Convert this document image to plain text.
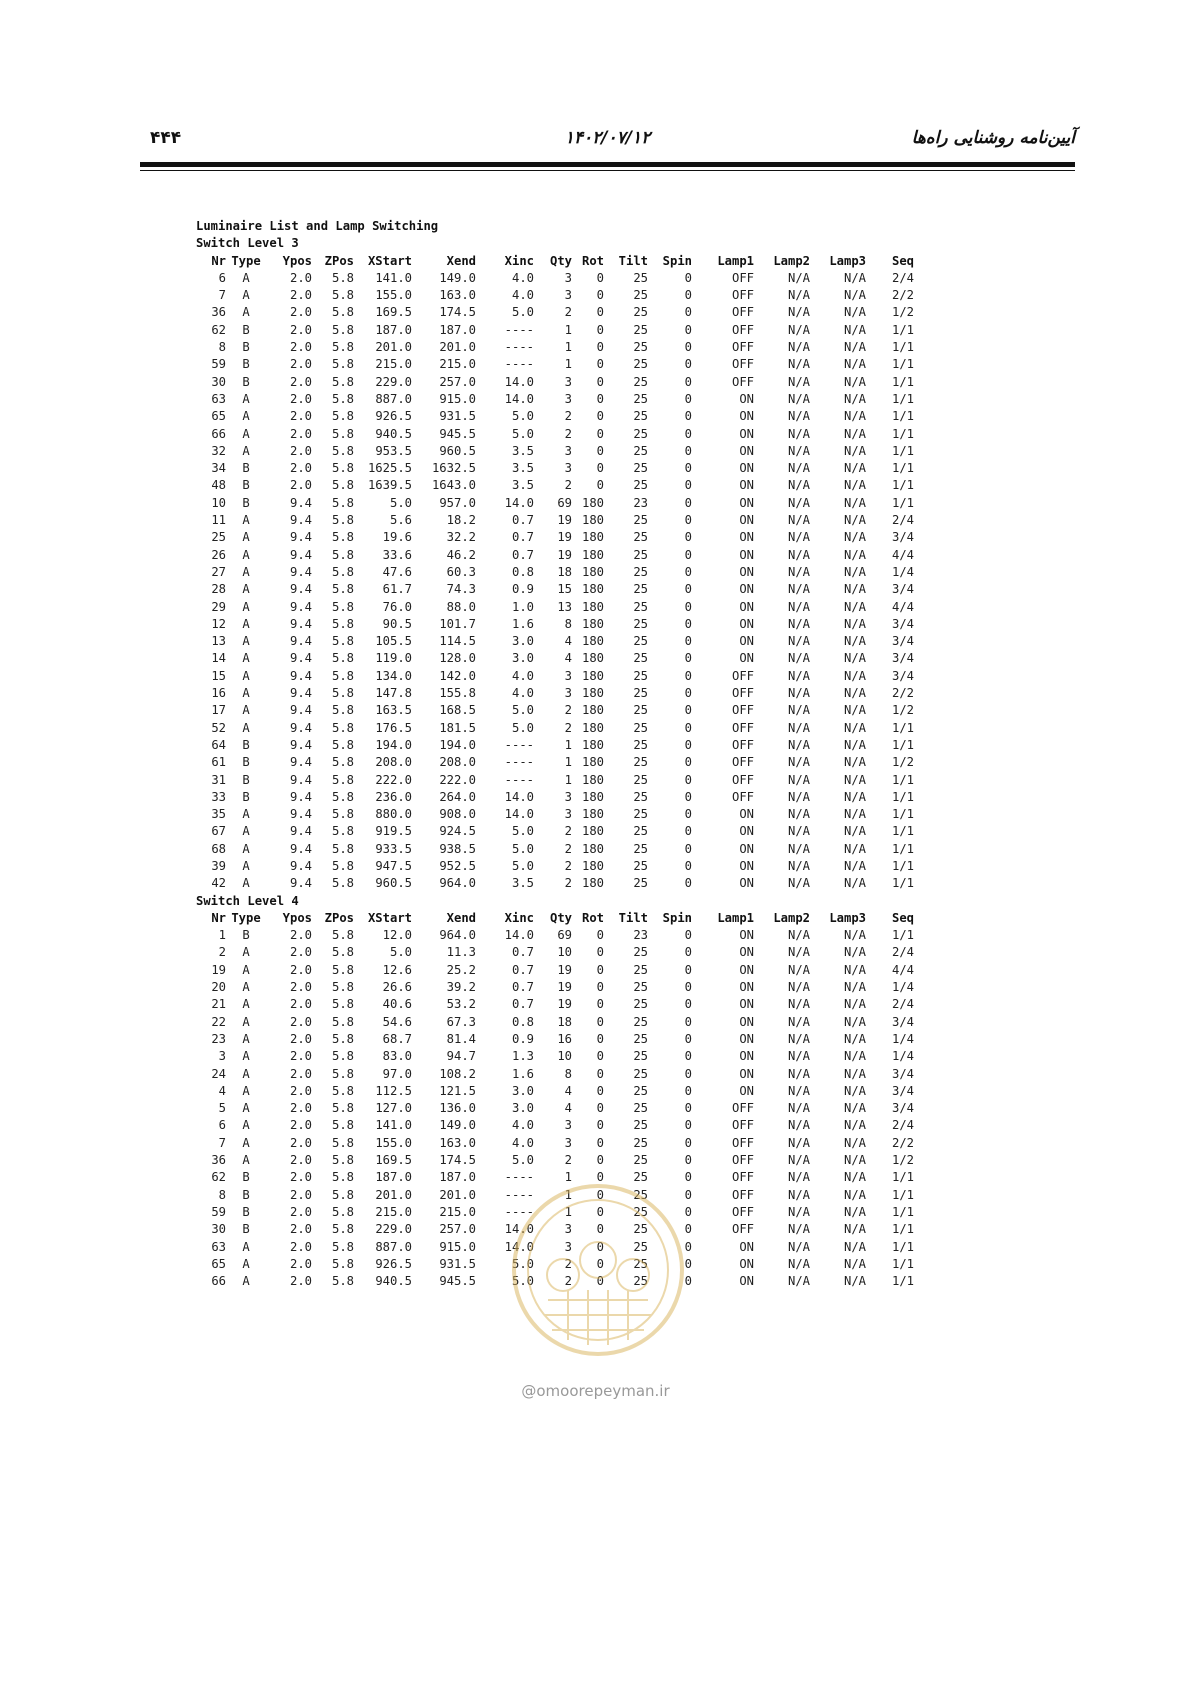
آیین‌نامه روشنایی راه‌ها
۱۴۰۲/۰۷/۱۲
۴۴۴
Luminaire List and Lamp Switching
Switch Level 3
Nr	Type	Ypos	ZPos	XStart	Xend	Xinc	Qty	Rot	Tilt	Spin	Lamp1	Lamp2	Lamp3	Seq
6	A	2.0	5.8	141.0	149.0	4.0	3	0	25	0	OFF	N/A	N/A	2/4
7	A	2.0	5.8	155.0	163.0	4.0	3	0	25	0	OFF	N/A	N/A	2/2
36	A	2.0	5.8	169.5	174.5	5.0	2	0	25	0	OFF	N/A	N/A	1/2
62	B	2.0	5.8	187.0	187.0	----	1	0	25	0	OFF	N/A	N/A	1/1
8	B	2.0	5.8	201.0	201.0	----	1	0	25	0	OFF	N/A	N/A	1/1
59	B	2.0	5.8	215.0	215.0	----	1	0	25	0	OFF	N/A	N/A	1/1
30	B	2.0	5.8	229.0	257.0	14.0	3	0	25	0	OFF	N/A	N/A	1/1
63	A	2.0	5.8	887.0	915.0	14.0	3	0	25	0	ON	N/A	N/A	1/1
65	A	2.0	5.8	926.5	931.5	5.0	2	0	25	0	ON	N/A	N/A	1/1
66	A	2.0	5.8	940.5	945.5	5.0	2	0	25	0	ON	N/A	N/A	1/1
32	A	2.0	5.8	953.5	960.5	3.5	3	0	25	0	ON	N/A	N/A	1/1
34	B	2.0	5.8	1625.5	1632.5	3.5	3	0	25	0	ON	N/A	N/A	1/1
48	B	2.0	5.8	1639.5	1643.0	3.5	2	0	25	0	ON	N/A	N/A	1/1
10	B	9.4	5.8	5.0	957.0	14.0	69	180	23	0	ON	N/A	N/A	1/1
11	A	9.4	5.8	5.6	18.2	0.7	19	180	25	0	ON	N/A	N/A	2/4
25	A	9.4	5.8	19.6	32.2	0.7	19	180	25	0	ON	N/A	N/A	3/4
26	A	9.4	5.8	33.6	46.2	0.7	19	180	25	0	ON	N/A	N/A	4/4
27	A	9.4	5.8	47.6	60.3	0.8	18	180	25	0	ON	N/A	N/A	1/4
28	A	9.4	5.8	61.7	74.3	0.9	15	180	25	0	ON	N/A	N/A	3/4
29	A	9.4	5.8	76.0	88.0	1.0	13	180	25	0	ON	N/A	N/A	4/4
12	A	9.4	5.8	90.5	101.7	1.6	8	180	25	0	ON	N/A	N/A	3/4
13	A	9.4	5.8	105.5	114.5	3.0	4	180	25	0	ON	N/A	N/A	3/4
14	A	9.4	5.8	119.0	128.0	3.0	4	180	25	0	ON	N/A	N/A	3/4
15	A	9.4	5.8	134.0	142.0	4.0	3	180	25	0	OFF	N/A	N/A	3/4
16	A	9.4	5.8	147.8	155.8	4.0	3	180	25	0	OFF	N/A	N/A	2/2
17	A	9.4	5.8	163.5	168.5	5.0	2	180	25	0	OFF	N/A	N/A	1/2
52	A	9.4	5.8	176.5	181.5	5.0	2	180	25	0	OFF	N/A	N/A	1/1
64	B	9.4	5.8	194.0	194.0	----	1	180	25	0	OFF	N/A	N/A	1/1
61	B	9.4	5.8	208.0	208.0	----	1	180	25	0	OFF	N/A	N/A	1/2
31	B	9.4	5.8	222.0	222.0	----	1	180	25	0	OFF	N/A	N/A	1/1
33	B	9.4	5.8	236.0	264.0	14.0	3	180	25	0	OFF	N/A	N/A	1/1
35	A	9.4	5.8	880.0	908.0	14.0	3	180	25	0	ON	N/A	N/A	1/1
67	A	9.4	5.8	919.5	924.5	5.0	2	180	25	0	ON	N/A	N/A	1/1
68	A	9.4	5.8	933.5	938.5	5.0	2	180	25	0	ON	N/A	N/A	1/1
39	A	9.4	5.8	947.5	952.5	5.0	2	180	25	0	ON	N/A	N/A	1/1
42	A	9.4	5.8	960.5	964.0	3.5	2	180	25	0	ON	N/A	N/A	1/1
Switch Level 4
Nr	Type	Ypos	ZPos	XStart	Xend	Xinc	Qty	Rot	Tilt	Spin	Lamp1	Lamp2	Lamp3	Seq
1	B	2.0	5.8	12.0	964.0	14.0	69	0	23	0	ON	N/A	N/A	1/1
2	A	2.0	5.8	5.0	11.3	0.7	10	0	25	0	ON	N/A	N/A	2/4
19	A	2.0	5.8	12.6	25.2	0.7	19	0	25	0	ON	N/A	N/A	4/4
20	A	2.0	5.8	26.6	39.2	0.7	19	0	25	0	ON	N/A	N/A	1/4
21	A	2.0	5.8	40.6	53.2	0.7	19	0	25	0	ON	N/A	N/A	2/4
22	A	2.0	5.8	54.6	67.3	0.8	18	0	25	0	ON	N/A	N/A	3/4
23	A	2.0	5.8	68.7	81.4	0.9	16	0	25	0	ON	N/A	N/A	1/4
3	A	2.0	5.8	83.0	94.7	1.3	10	0	25	0	ON	N/A	N/A	1/4
24	A	2.0	5.8	97.0	108.2	1.6	8	0	25	0	ON	N/A	N/A	3/4
4	A	2.0	5.8	112.5	121.5	3.0	4	0	25	0	ON	N/A	N/A	3/4
5	A	2.0	5.8	127.0	136.0	3.0	4	0	25	0	OFF	N/A	N/A	3/4
6	A	2.0	5.8	141.0	149.0	4.0	3	0	25	0	OFF	N/A	N/A	2/4
7	A	2.0	5.8	155.0	163.0	4.0	3	0	25	0	OFF	N/A	N/A	2/2
36	A	2.0	5.8	169.5	174.5	5.0	2	0	25	0	OFF	N/A	N/A	1/2
62	B	2.0	5.8	187.0	187.0	----	1	0	25	0	OFF	N/A	N/A	1/1
8	B	2.0	5.8	201.0	201.0	----	1	0	25	0	OFF	N/A	N/A	1/1
59	B	2.0	5.8	215.0	215.0	----	1	0	25	0	OFF	N/A	N/A	1/1
30	B	2.0	5.8	229.0	257.0	14.0	3	0	25	0	OFF	N/A	N/A	1/1
63	A	2.0	5.8	887.0	915.0	14.0	3	0	25	0	ON	N/A	N/A	1/1
65	A	2.0	5.8	926.5	931.5	5.0	2	0	25	0	ON	N/A	N/A	1/1
66	A	2.0	5.8	940.5	945.5	5.0	2	0	25	0	ON	N/A	N/A	1/1
@omoorepeyman.ir
